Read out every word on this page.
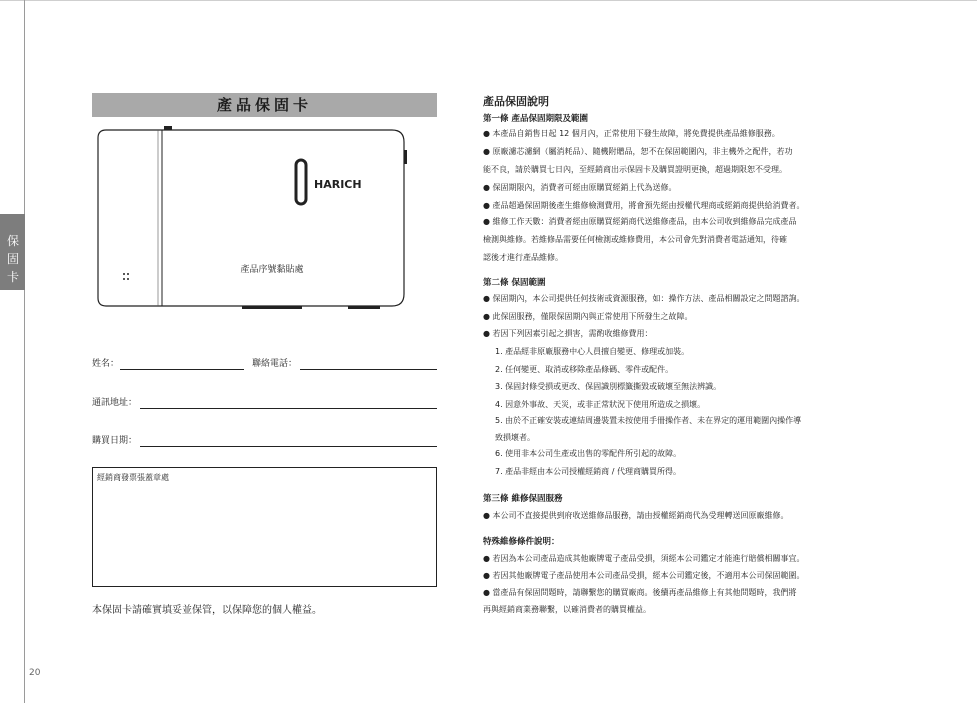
保
固
卡
20
產品保固卡
HARICH
產品序號黏貼處
姓名：	聯絡電話：
通訊地址：
購買日期：
經銷商發票張蓋章處
本保固卡請確實填妥並保管，以保障您的個人權益。
產品保固說明
第一條 產品保固期限及範圍
● 本產品自銷售日起 12 個月內，正常使用下發生故障，將免費提供產品維修服務。
● 原廠濾芯濾網（屬消耗品）、隨機附贈品，恕不在保固範圍內，非主機外之配件，若功
能不良，請於購買七日內，至經銷商出示保固卡及購買證明更換，超過期限恕不受理。
● 保固期限內，消費者可經由原購買經銷上代為送修。
● 產品超過保固期後產生維修檢測費用，將會預先經由授權代理商或經銷商提供給消費者。
● 維修工作天數：消費者經由原購買經銷商代送維修產品，由本公司收到維修品完成產品
檢測與維修。若維修品需要任何檢測或維修費用，本公司會先對消費者電話通知，待確
認後才進行產品維修。
第二條 保固範圍
● 保固期內，本公司提供任何技術或資源服務，如：操作方法、產品相關設定之問題諮詢。
● 此保固服務，僅限保固期內與正常使用下所發生之故障。
● 若因下列因素引起之損害，需酌收維修費用：
1. 產品經非原廠服務中心人員擅自變更、修理或加裝。
2. 任何變更、取消或移除產品條碼、零件或配件。
3. 保固封條受損或更改、保固識別標籤撕毀或破壞至無法辨識。
4. 因意外事故、天災，或非正常狀況下使用所造成之損壞。
5. 由於不正確安裝或連結周邊裝置未按使用手冊操作者、未在界定的運用範圍內操作導
致損壞者。
6. 使用非本公司生產或出售的零配件所引起的故障。
7. 產品非經由本公司授權經銷商 / 代理商購買所得。
第三條 維修保固服務
● 本公司不直接提供到府收送維修品服務，請由授權經銷商代為受理轉送回原廠維修。
特殊維修條件說明：
● 若因為本公司產品造成其他廠牌電子產品受損，須經本公司鑑定才能進行賠償相關事宜。
● 若因其他廠牌電子產品使用本公司產品受損，經本公司鑑定後，不適用本公司保固範圍。
● 當產品有保固問題時，請聯繫您的購買廠商。後續再產品維修上有其他問題時，我們將
再與經銷商業務聯繫，以確消費者的購買權益。
